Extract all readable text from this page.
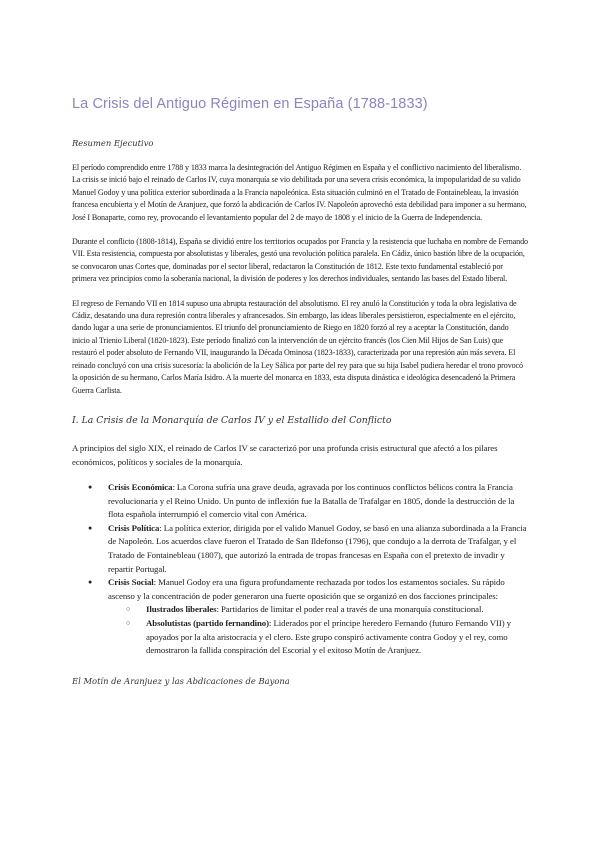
La Crisis del Antiguo Régimen en España (1788-1833)
Resumen Ejecutivo

El período comprendido entre 1788 y 1833 marca la desintegración del Antiguo Régimen en España y el conflictivo nacimiento del liberalismo. La crisis se inició bajo el reinado de Carlos IV, cuya monarquía se vio debilitada por una severa crisis económica, la impopularidad de su valido Manuel Godoy y una política exterior subordinada a la Francia napoleónica. Esta situación culminó en el Tratado de Fontainebleau, la invasión francesa encubierta y el Motín de Aranjuez, que forzó la abdicación de Carlos IV. Napoleón aprovechó esta debilidad para imponer a su hermano, José I Bonaparte, como rey, provocando el levantamiento popular del 2 de mayo de 1808 y el inicio de la Guerra de Independencia.

Durante el conflicto (1808-1814), España se dividió entre los territorios ocupados por Francia y la resistencia que luchaba en nombre de Fernando VII. Esta resistencia, compuesta por absolutistas y liberales, gestó una revolución política paralela. En Cádiz, único bastión libre de la ocupación, se convocaron unas Cortes que, dominadas por el sector liberal, redactaron la Constitución de 1812. Este texto fundamental estableció por primera vez principios como la soberanía nacional, la división de poderes y los derechos individuales, sentando las bases del Estado liberal.

El regreso de Fernando VII en 1814 supuso una abrupta restauración del absolutismo. El rey anuló la Constitución y toda la obra legislativa de Cádiz, desatando una dura represión contra liberales y afrancesados. Sin embargo, las ideas liberales persistieron, especialmente en el ejército, dando lugar a una serie de pronunciamientos. El triunfo del pronunciamiento de Riego en 1820 forzó al rey a aceptar la Constitución, dando inicio al Trienio Liberal (1820-1823). Este período finalizó con la intervención de un ejército francés (los Cien Mil Hijos de San Luis) que restauró el poder absoluto de Fernando VII, inaugurando la Década Ominosa (1823-1833), caracterizada por una represión aún más severa. El reinado concluyó con una crisis sucesoria: la abolición de la Ley Sálica por parte del rey para que su hija Isabel pudiera heredar el trono provocó la oposición de su hermano, Carlos María Isidro. A la muerte del monarca en 1833, esta disputa dinástica e ideológica desencadenó la Primera Guerra Carlista.

I. La Crisis de la Monarquía de Carlos IV y el Estallido del Conflicto

A principios del siglo XIX, el reinado de Carlos IV se caracterizó por una profunda crisis estructural que afectó a los pilares económicos, políticos y sociales de la monarquía.

● Crisis Económica: La Corona sufría una grave deuda, agravada por los continuos conflictos bélicos contra la Francia revolucionaria y el Reino Unido. Un punto de inflexión fue la Batalla de Trafalgar en 1805, donde la destrucción de la flota española interrumpió el comercio vital con América.
● Crisis Política: La política exterior, dirigida por el valido Manuel Godoy, se basó en una alianza subordinada a la Francia de Napoleón. Los acuerdos clave fueron el Tratado de San Ildefonso (1796), que condujo a la derrota de Trafalgar, y el Tratado de Fontainebleau (1807), que autorizó la entrada de tropas francesas en España con el pretexto de invadir y repartir Portugal.
● Crisis Social: Manuel Godoy era una figura profundamente rechazada por todos los estamentos sociales. Su rápido ascenso y la concentración de poder generaron una fuerte oposición que se organizó en dos facciones principales:
○ Ilustrados liberales: Partidarios de limitar el poder real a través de una monarquía constitucional.
○ Absolutistas (partido fernandino): Liderados por el príncipe heredero Fernando (futuro Fernando VII) y apoyados por la alta aristocracia y el clero. Este grupo conspiró activamente contra Godoy y el rey, como demostraron la fallida conspiración del Escorial y el exitoso Motín de Aranjuez.
El Motín de Aranjuez y las Abdicaciones de Bayona
